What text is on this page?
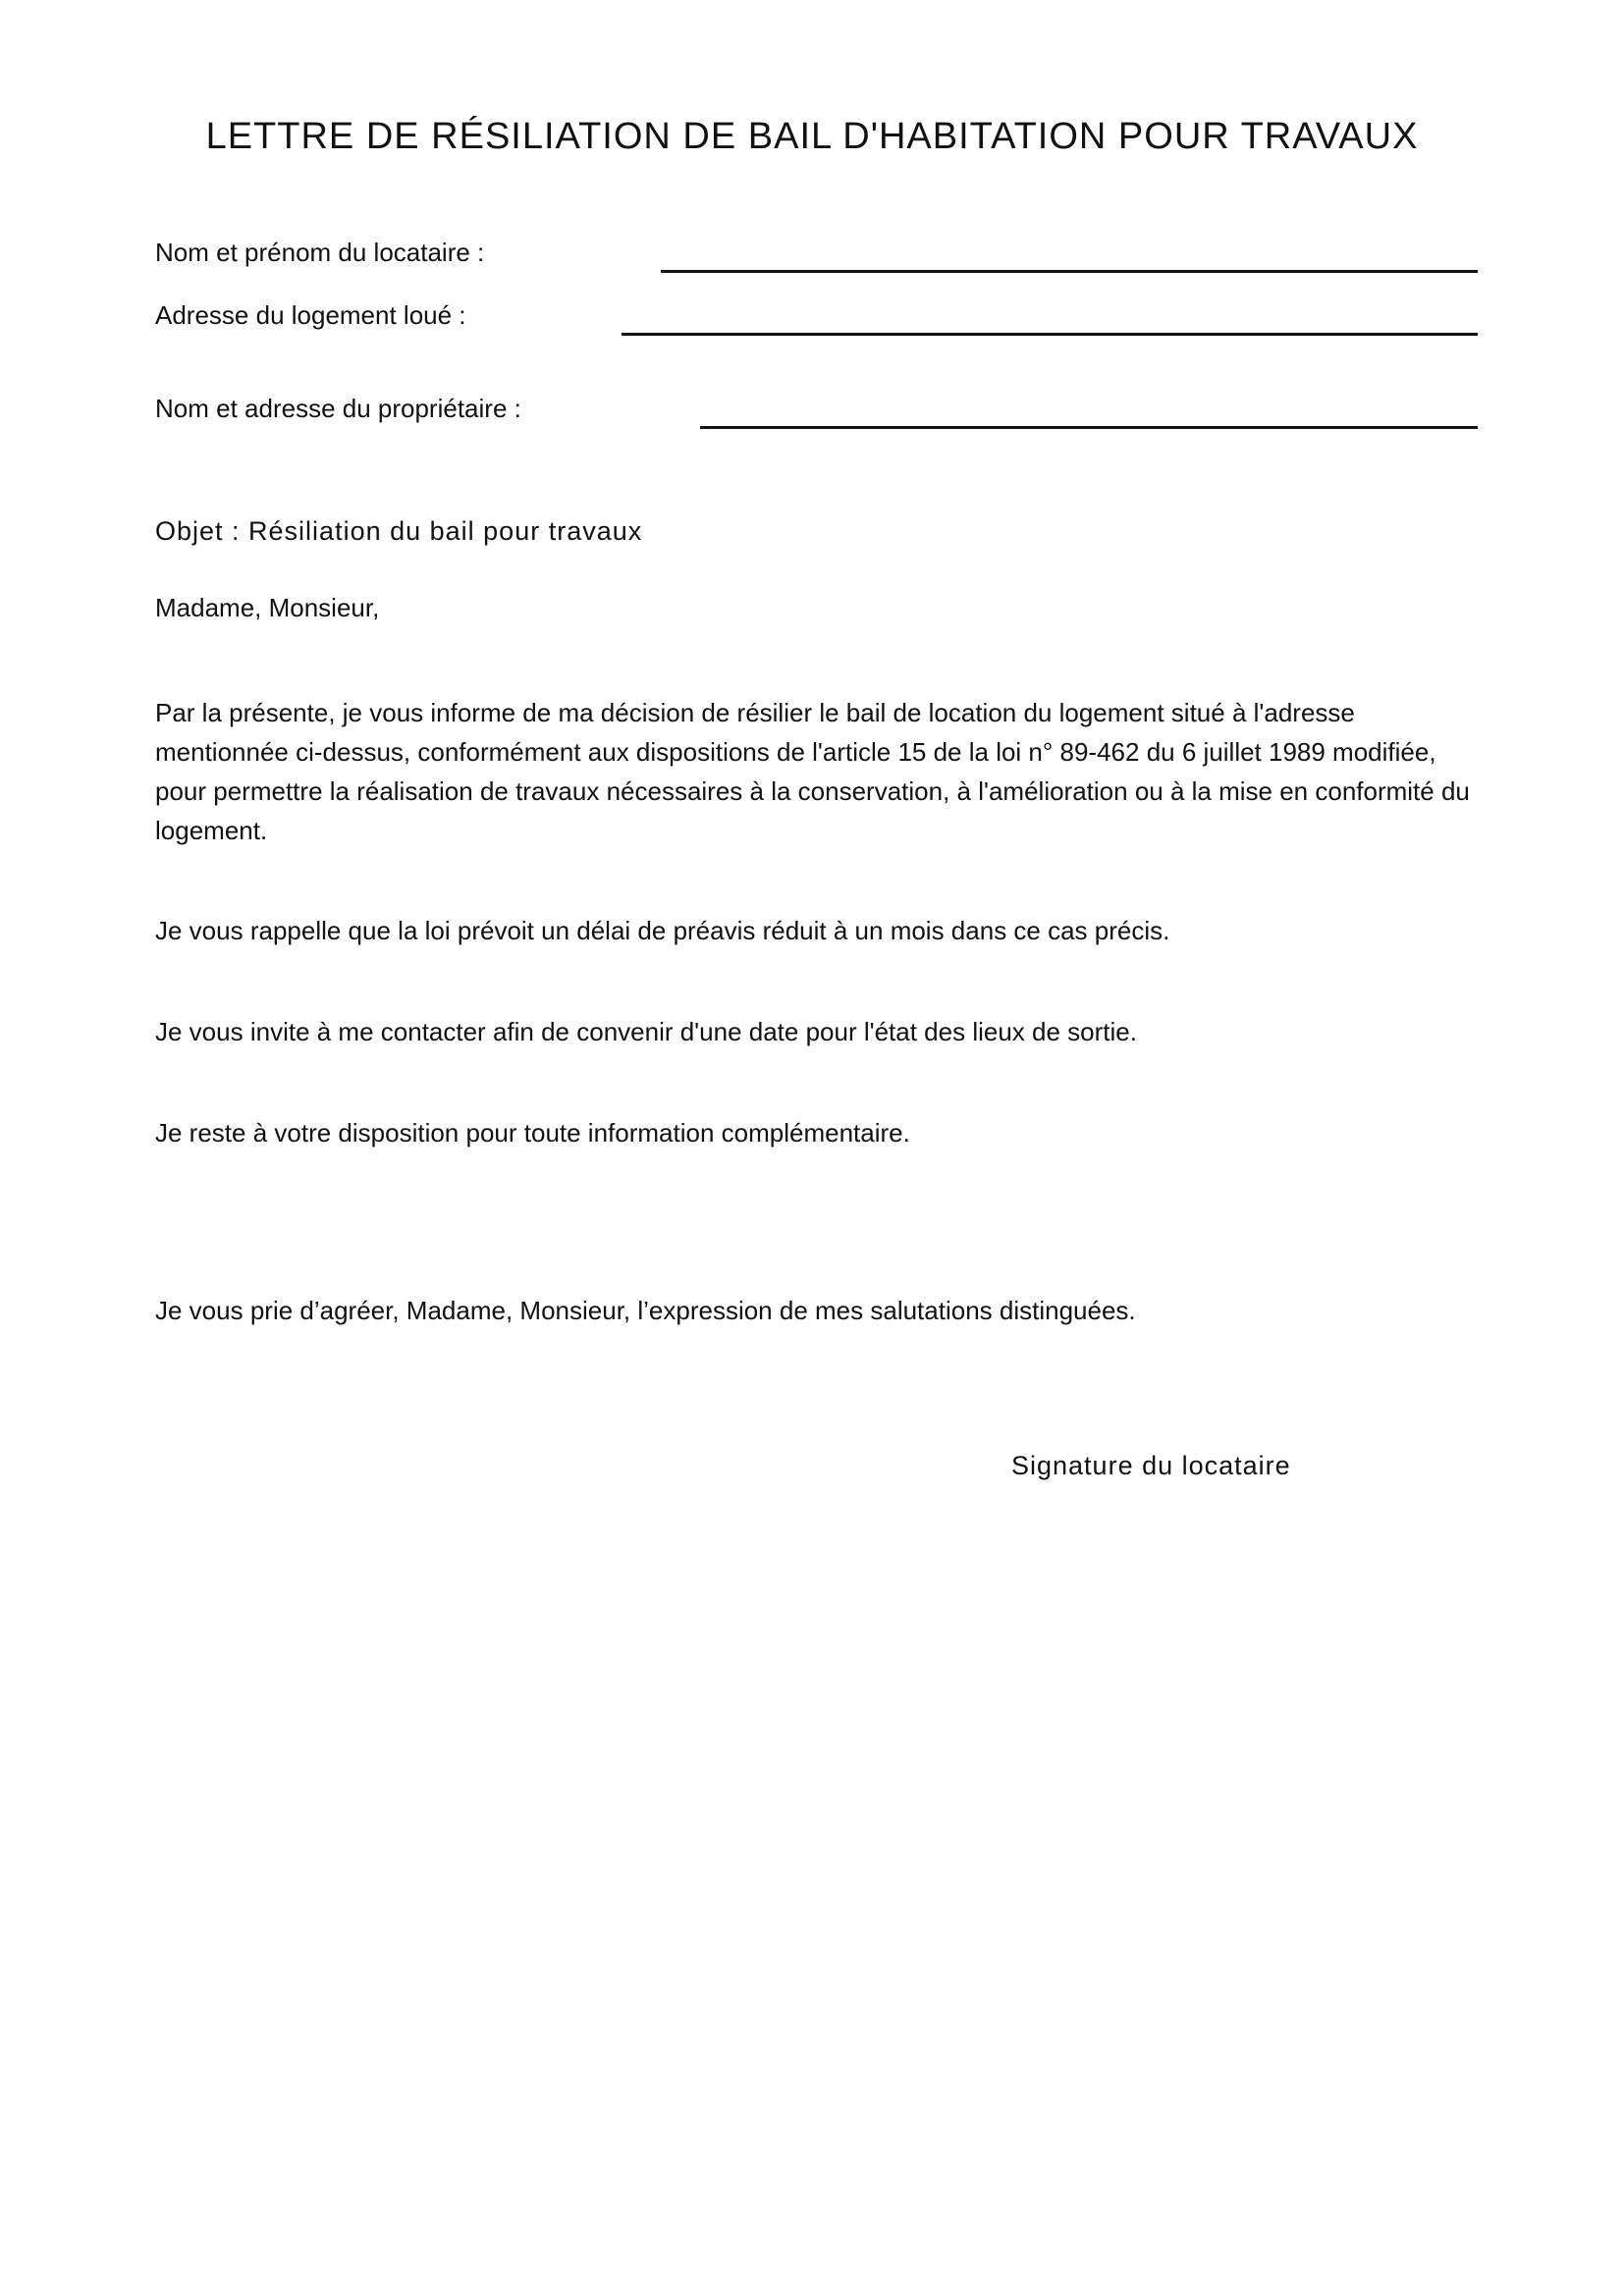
LETTRE DE RÉSILIATION DE BAIL D'HABITATION POUR TRAVAUX
Nom et prénom du locataire :
Adresse du logement loué :
Nom et adresse du propriétaire :
Objet : Résiliation du bail pour travaux
Madame, Monsieur,

Par la présente, je vous informe de ma décision de résilier le bail de location du logement situé à l'adresse mentionnée ci-dessus, conformément aux dispositions de l'article 15 de la loi n° 89-462 du 6 juillet 1989 modifiée, pour permettre la réalisation de travaux nécessaires à la conservation, à l'amélioration ou à la mise en conformité du logement.

Je vous rappelle que la loi prévoit un délai de préavis réduit à un mois dans ce cas précis.

Je vous invite à me contacter afin de convenir d'une date pour l'état des lieux de sortie.

Je reste à votre disposition pour toute information complémentaire.

Je vous prie d’agréer, Madame, Monsieur, l’expression de mes salutations distinguées.

Signature du locataire
